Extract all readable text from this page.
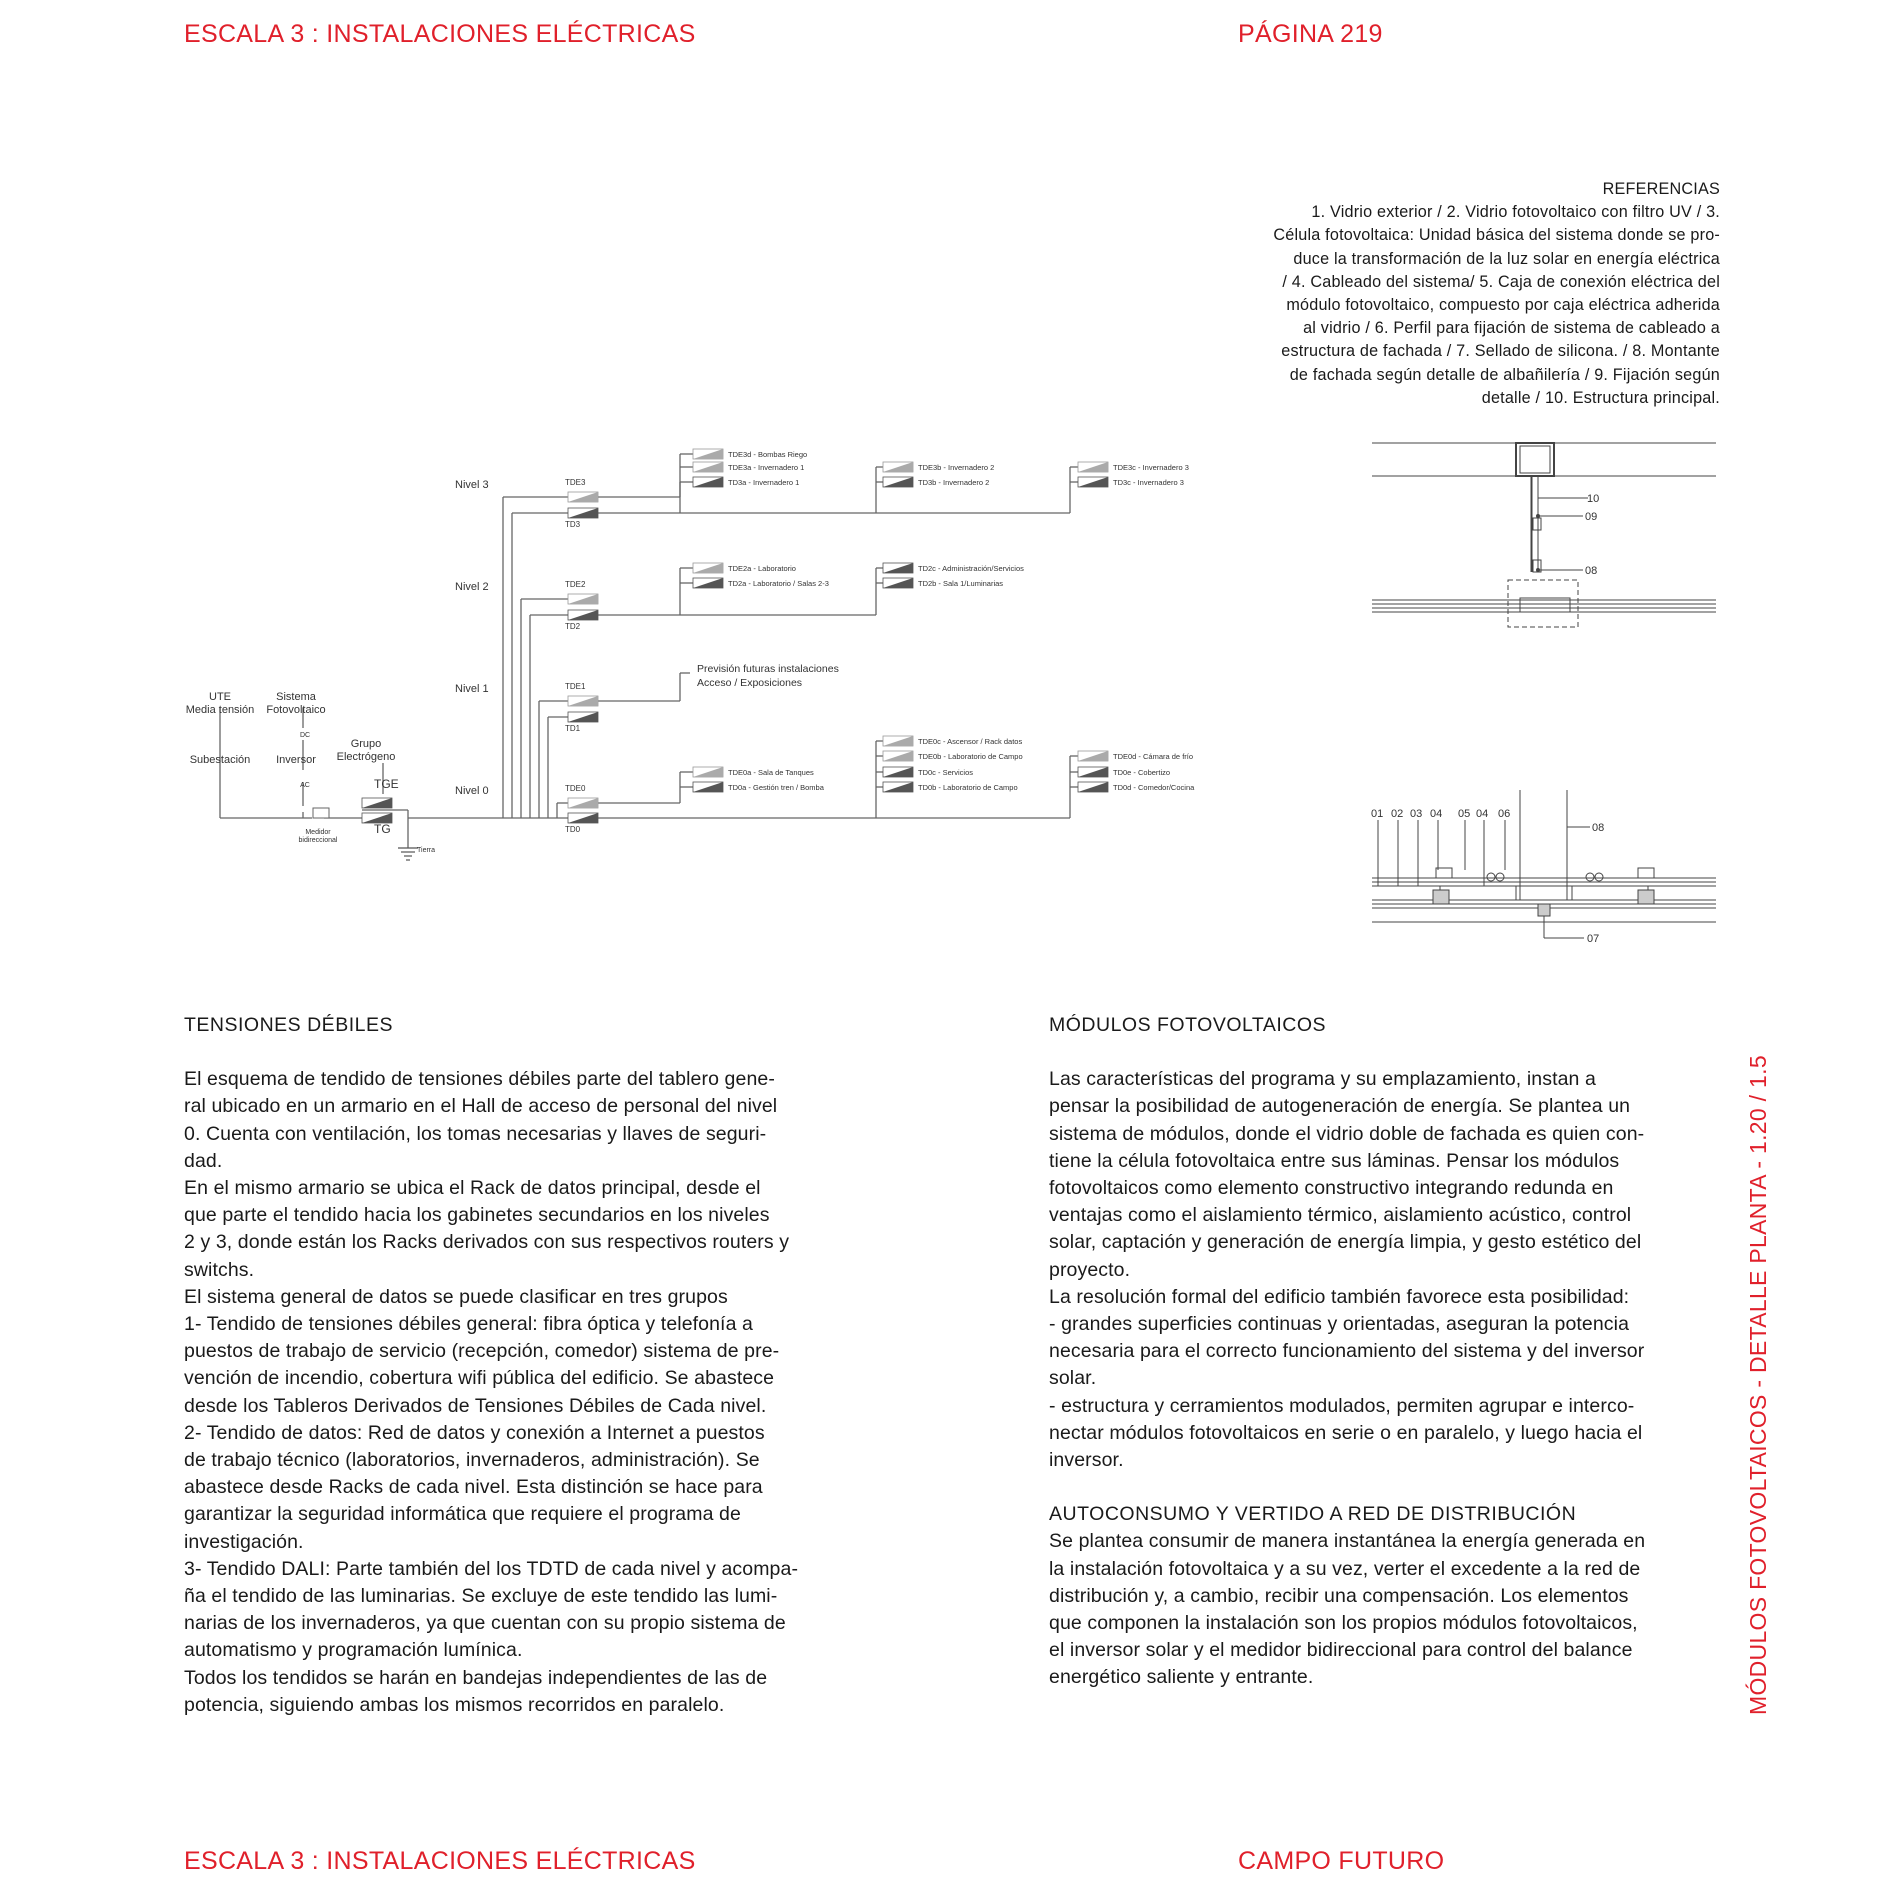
ESCALA 3 : INSTALACIONES ELÉCTRICAS	PÁGINA 219
ESCALA 3 : INSTALACIONES ELÉCTRICAS	CAMPO FUTURO
REFERENCIAS
1. Vidrio exterior / 2. Vidrio fotovoltaico con filtro UV / 3.
Célula fotovoltaica: Unidad básica del sistema donde se pro-
duce la transformación de la luz solar en energía eléctrica
/ 4. Cableado del sistema/ 5. Caja de conexión eléctrica del
módulo fotovoltaico, compuesto por caja eléctrica adherida
al vidrio / 6. Perfil para fijación de sistema de cableado a
estructura de fachada / 7. Sellado de silicona. / 8. Montante
de fachada según detalle de albañilería / 9. Fijación según
detalle / 10. Estructura principal.
UTE
Media tensión
Sistema
Fotovoltaico
Subestación
DC
Inversor
AC
Grupo
Electrógeno
Medidor
bidireccional
TGE
TG
Tierra
Nivel 3
Nivel 2
Nivel 1
Nivel 0
TDE3
TD3
TDE2
TD2
TDE1
TD1
TDE0
TD0
TDE3d - Bombas Riego
TDE3a - Invernadero 1
TD3a - Invernadero 1
TDE3b - Invernadero 2
TD3b - Invernadero 2
TDE3c - Invernadero 3
TD3c - Invernadero 3
TDE2a - Laboratorio
TD2a - Laboratorio / Salas 2-3
TD2c - Administración/Servicios
TD2b - Sala 1/Luminarias
TDE0a - Sala de Tanques
TD0a - Gestión tren / Bomba
TDE0c - Ascensor / Rack datos
TDE0b - Laboratorio de Campo
TD0c - Servicios
TD0b - Laboratorio de Campo
TDE0d - Cámara de frío
TD0e - Cobertizo
TD0d - Comedor/Cocina
Previsión futuras instalaciones
Acceso / Exposiciones
10
09
08
01 02 03 04 05 04 06
08
07
TENSIONES DÉBILES

El esquema de tendido de tensiones débiles parte del tablero gene-

ral ubicado en un armario en el Hall de acceso de personal del nivel

0. Cuenta con ventilación, los tomas necesarias y llaves de seguri-

dad.

En el mismo armario se ubica el Rack de datos principal, desde el

que parte el tendido hacia los gabinetes secundarios en los niveles

2 y 3, donde están los Racks derivados con sus respectivos routers y

switchs.

El sistema general de datos se puede clasificar en tres grupos

1- Tendido de tensiones débiles general: fibra óptica y telefonía a

puestos de trabajo de servicio (recepción, comedor) sistema de pre-

vención de incendio, cobertura wifi pública del edificio. Se abastece

desde los Tableros Derivados de Tensiones Débiles de Cada nivel.

2- Tendido de datos: Red de datos y conexión a Internet a puestos

de trabajo técnico (laboratorios, invernaderos, administración). Se

abastece desde Racks de cada nivel. Esta distinción se hace para

garantizar la seguridad informática que requiere el programa de

investigación.

3- Tendido DALI: Parte también del los TDTD de cada nivel y acompa-

ña el tendido de las luminarias. Se excluye de este tendido las lumi-

narias de los invernaderos, ya que cuentan con su propio sistema de

automatismo y programación lumínica.

Todos los tendidos se harán en bandejas independientes de las de

potencia, siguiendo ambas los mismos recorridos en paralelo.

MÓDULOS FOTOVOLTAICOS

Las características del programa y su emplazamiento, instan a

pensar la posibilidad de autogeneración de energía. Se plantea un

sistema de módulos, donde el vidrio doble de fachada es quien con-

tiene la célula fotovoltaica entre sus láminas. Pensar los módulos

fotovoltaicos como elemento constructivo integrando redunda en

ventajas como el aislamiento térmico, aislamiento acústico, control

solar, captación y generación de energía limpia, y gesto estético del

proyecto.

La resolución formal del edificio también favorece esta posibilidad:

- grandes superficies continuas y orientadas, aseguran la potencia

necesaria para el correcto funcionamiento del sistema y del inversor

solar.

- estructura y cerramientos modulados, permiten agrupar e interco-

nectar módulos fotovoltaicos en serie o en paralelo, y luego hacia el

inversor.

AUTOCONSUMO Y VERTIDO A RED DE DISTRIBUCIÓN

Se plantea consumir de manera instantánea la energía generada en

la instalación fotovoltaica y a su vez, verter el excedente a la red de

distribución y, a cambio, recibir una compensación. Los elementos

que componen la instalación son los propios módulos fotovoltaicos,

el inversor solar y el medidor bidireccional para control del balance

energético saliente y entrante.	MÓDULOS FOTOVOLTAICOS - DETALLE PLANTA - 1.20 / 1.5
